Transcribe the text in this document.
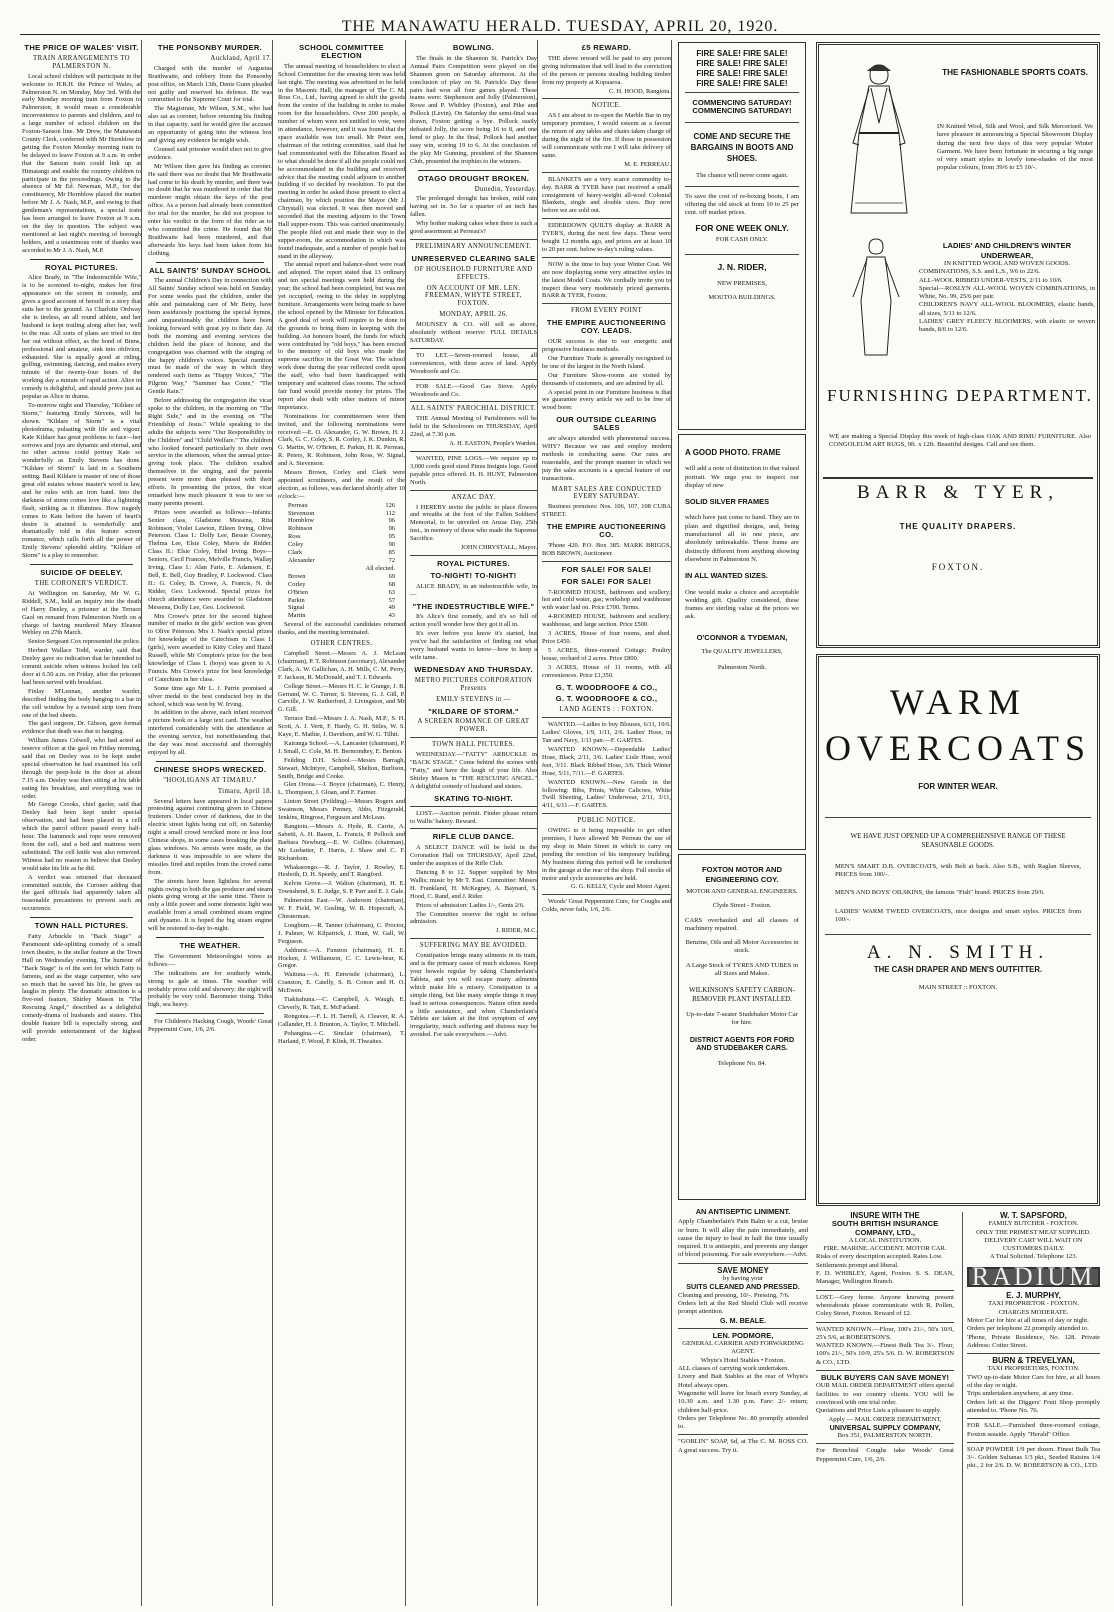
THE MANAWATU HERALD. TUESDAY, APRIL 20, 1920.
THE PRICE OF WALES' VISIT.
TRAIN ARRANGEMENTS TO PALMERSTON N.
Local school children will participate in the welcome to H.R.H. the Prince of Wales, at Palmerston N. on Monday, May 3rd. With the early Monday morning train from Foxton to Palmerston, it would mean a considerable inconvenience to parents and children, and to a large number of school children on the Foxton-Sanson line. Mr Drew, the Manawatu County Clerk, conferred with Mr Hornblow in getting the Foxton Monday morning train to be delayed to leave Foxton at 9 a.m. in order that the Sanson train could link up at Himatangi and enable the country children to participate in the proceedings. Owing to the absence of Mr Ed. Newman, M.P., for the constituency, Mr Hornblow placed the matter before Mr J. A. Nash, M.P., and owing to that gentleman's representations, a special train has been arranged to leave Foxton at 9 a.m. on the day in question. The subject was mentioned at last night's meeting of borough holders, and a unanimous vote of thanks was accorded to Mr J. A. Nash, M.P.
ROYAL PICTURES.
Alice Brady, in "The Indestructible Wife," is to be screened to-night, makes her first appearance on the screen in comedy, and gives a good account of herself in a story that suits her to the ground. As Charlotte Ordway she is tireless, an all round athlete, and her husband is kept trailing along after her, well to the rear. All sorts of plans are tried to tire her out without effect, as the bond of Binns, professional and amateur, sink into oblivion, exhausted. She is equally good at riding, golfing, swimming, dancing, and makes every minute of the twenty-four hours of the working day a minute of rapid action. Alice in comedy is delightful, and should prove just as popular as Alice in drama.
To-morrow night and Thursday, "Kildare of Storm," featuring Emily Stevens, will be shown. "Kildare of Storm" is a vital photodrama, pulsating with life and vigour. Kate Kildare has great problems to face—her sorrows and joys are dynamic and eternal, and no other actress could portray Kate so wonderfully as Emily Stevens has done. "Kildare of Storm" is laid in a Southern setting. Basil Kildare is master of one of those great old estates whose master's word is law, and he rules with an iron hand. Into the darkness of storm comes love like a lightning flash, striking as it illumines. How tragedy comes to Kate before the haven of heart's desire is attained is wonderfully and dramatically told in this feature screen romance, which calls forth all the power of Emily Stevens' splendid ability. "Kildare of Storm" is a play to remember.
SUICIDE OF DEELEY.
THE CORONER'S VERDICT.
At Wellington on Saturday, Mr W. G. Riddell, S.M., held an inquiry into the death of Harry Deeley, a prisoner at the Terrace Gaol on remand from Palmerston North on a charge of having murdered Mary Eleanor Webley on 27th March.
Senior-Sergeant Cox represented the police.
Herbert Wallace Todd, warder, said that Deeley gave no indication that he intended to commit suicide when witness locked his cell door at 6.50 a.m. on Friday, after the prisoner had been served with breakfast.
Finlay M'Lennan, another warder, described finding the body hanging to a bar in the cell window by a twisted strip torn from one of the bed sheets.
The gaol surgeon, Dr. Gibson, gave formal evidence that death was due to hanging.
William James Colwell, who had acted as reserve officer at the gaol on Friday morning, said that on Deeley was to be kept under special observation he had examined his cell through the peep-hole in the door at about 7.15 a.m. Deeley was then sitting at his table eating his breakfast, and everything was in order.
Mr George Crooks, chief gaoler, said that Deeley had been kept under special observation, and had been placed in a cell which the patrol officer passed every half-hour. The hammock and rope were removed from the cell, and a bed and mattress were substituted. The cell knife was also removed. Witness had no reason to believe that Deeley would take his life as he did.
A verdict was returned that deceased committed suicide, the Coroner adding that the gaol officials had apparently taken all reasonable precautions to prevent such an occurrence.
TOWN HALL PICTURES.
Fatty Arbuckle in "Back Stage" a Paramount side-splitting comedy of a small town theatre, is the stellar feature at the Town Hall on Wednesday evening. The humour of "Back Stage" is of the sort for which Fatty is famous, and as the stage carpenter, who saw so much that he saved his life, he gives us laughs in plenty. The dramatic attraction is a five-reel feature, Shirley Mason in "The Rescuing Angel," described as a delightful comedy-drama of husbands and sisters. This double feature bill is especially strong, and will provide entertainment of the highest order.
THE PONSONBY MURDER.
Auckland, April 17.
Charged with the murder of Augustus Braithwaite, and robbery from the Ponsonby post office, on March 13th, Denis Gunn pleaded not guilty and reserved his defence. He was committed to the Supreme Court for trial.
The Magistrate, Mr Wilson, S.M., who had also sat as coroner, before returning his finding in that capacity, said he would give the accused an opportunity of going into the witness box and giving any evidence he might wish.
Counsel said prisoner would elect not to give evidence.
Mr Wilson then gave his finding as coroner. He said there was no doubt that Mr Braithwaite had come to his death by murder, and there was no doubt that he was murdered in order that the murderer might obtain the keys of the post office. As a person had already been committed for trial for the murder, he did not propose to enter his verdict in the form of the rider as to who committed the crime. He found that Mr Braithwaite had been murdered, and that afterwards his keys had been taken from his clothing.
ALL SAINTS' SUNDAY SCHOOL
The annual Children's Day in connection with All Saints' Sunday school was held on Sunday. For some weeks past the children, under the able and painstaking care of Mr Betty, have been assiduously practising the special hymns, and unquestionably the children have been looking forward with great joy to their day. At both the morning and evening services the children held the place of honour, and the congregation was charmed with the singing of the happy children's voices. Special mention must be made of the way in which they rendered such items as "Happy Voices," "The Pilgrim Way," "Summer has Come," "The Gentle Rain."
Before addressing the congregation the vicar spoke to the children, in the morning on "The Right Side," and in the evening on "The Friendship of Jesus." While speaking to the adults the subjects were "Our Responsibility to the Children" and "Child Welfare." The children who looked forward particularly to their own service in the afternoon, when the annual prize-giving took place. The children exalted themselves in the singing, and the parents present were more than pleased with their efforts. In presenting the prizes, the vicar remarked how much pleasure it was to see so many parents present.
Prizes were awarded as follows:—Infants: Senior class, Gladstone Messena, Rita Robinson, Violet Lawton, Eileen Irving, Olive Peterson. Class I.: Dolly Lee, Bessie Cooney, Thelma Lee, Elsie Coley, Mavis de Ridder. Class II.: Elsie Coley, Ethel Irving. Boys—Seniors, Cecil Frances, Melville Francis, Wallay Irving. Class I.: Alan Farie, E. Adamson, E. Bell, E. Bell, Guy Bradley, P. Lockwood. Class II.: G. Coley, B. Crowe, A. Francis, N. de Ridder, Geo. Lockwood. Special prizes for church attendance were awarded to Gladstone Messena, Dolly Lee, Geo. Lockwood.
Mrs Crowe's prize for the second highest number of marks in the girls' section was given to Olive Peterson. Mrs J. Nash's special prizes for knowledge of the Catechism in Class I. (girls), were awarded to Kitty Coley and Hazel Russell, while Mr Compton's prize for the best knowledge of Class I. (boys) was given to A. Francis. Mrs Crowe's prize for best knowledge of Catechism in her class.
Some time ago Mr L. J. Parrie promised a silver medal to the best conducted boy in the school, which was won by W. Irving.
In addition to the above, each infant received a picture book or a large text card. The weather interfered considerably with the attendance at the evening service, but notwithstanding that, the day was most successful and thoroughly enjoyed by all.
CHINESE SHOPS WRECKED.
"HOOLIGANS AT TIMARU."
Timaru, April 18.
Several letters have appeared in local papers protesting against continuing given to Chinese fruiterers. Under cover of darkness, due to the electric street lights being cut off, on Saturday night a small crowd wrecked more or less four Chinese shops, in some cases breaking the plate glass windows. No arrests were made, as the darkness it was impossible to see where the missiles fired and reptiles from the crowd came from.
The streets have been lightless for several nights owing to both the gas producer and steam plants going wrong at the same time. There is only a little power and some domestic light was available from a small combined steam engine and dynamo. It is hoped the big steam engine will be restored to-day to-night.
THE WEATHER.
The Government Meteorologist wires as follows:—
The indications are for southerly winds, strong to gale at times. The weather will probably prove cold and showery: the night will probably be very cold. Barometer rising. Tides high, sea heavy.
For Children's Hacking Cough, Woods' Great Peppermint Cure, 1/6, 2/6.
SCHOOL COMMITTEE ELECTION
The annual meeting of householders to elect a School Committee for the ensuing term was held last night. The meeting was advertised to be held in the Masonic Hall, the manager of The C. M. Ross Co., Ltd., having agreed to shift the goods from the centre of the building in order to make room for the householders. Over 200 people, a number of whom were not entitled to vote, were in attendance, however, and it was found that the space available was too small. Mr Peter son, chairman of the retiring committee, said that he had communicated with the Education Board as to what should be done if all the people could not be accommodated in the building and received advice that the meeting could adjourn to another building if so decided by resolution. To put the meeting in order he asked those present to elect a chairman, by which position the Mayor (Mr J. Chrystall) was elected. It was then moved and seconded that the meeting adjourn to the Town Hall supper-room. This was carried unanimously. The people filed out and made their way to the supper-room, the accommodation in which was found inadequate, and a number of people had to stand in the alleyway.
The annual report and balance-sheet were read and adopted. The report stated that 13 ordinary and ten special meetings were held during the year; the school had been completed, but was not yet occupied, owing to the delay in supplying furniture. Arrangements were being made to have the school opened by the Minister for Education. A good deal of work will require to be done to the grounds to bring them in keeping with the building. An honours board, the funds for which were contributed by "old boys," has been erected to the memory of old boys who made the supreme sacrifice in the Great War. The school work done during the year reflected credit upon the staff, who had been handicapped with temporary and scattered class rooms. The school fair fund would provide money for prizes. The report also dealt with other matters of minor importance.
Nominations for committeemen were then invited, and the following nominations were received:—E. O. Alexander, G. W. Brown, H. J. Clark, G. C. Coley, S. R. Corley, J. K. Dunkin, R. G. Martin, W. O'Brien, E. Parkin, H. R. Perreau, R. Peters, R. Robinson, John Ross, W. Signal, and A. Stevenson.
Messrs Brown, Corley and Clark were appointed scrutineers, and the result of the election, as follows, was declared shortly after 10 o'clock:—
Perreau	126
Stevenson	112
Hornblow	96
Robinson	96
Ross	95
Coley	90
Clark	85
Alexander	72
All elected.
Brown	69
Corley	68
O'Brien	63
Parkin	57
Signal	49
Martin	43
Several of the successful candidates returned thanks, and the meeting terminated.
OTHER CENTRES.
Campbell Street.—Messrs A. J. McLean (chairman), P. T. Robinson (secretary), Alexander Clark, A. W. Gallichan, A. H. Mills, C. M. Perry, F. Jackson, R. McDonald, and T. J. Edwards.
College Street.—Messrs H. C. le Grange, J. B. Gerrand, W. C. Turner, S. Stevens, G. J. Gill, P. Carville, J. W. Rutherford, J. Livingston, and Mr G. Gill.
Terrace End.—Messrs J. A. Nash, M.P., S. H. Scott, A. J. Vertt, F. Hardy, G. H. Stiles, W. S. Kaye, E. Mathie, J. Davidson, and W. G. Tilhtt.
Kairanga School.—A. Lancaster (chairman), P. J. Small, C. Cole, M. H. Bermondtey, E. Benton.
Feilding D.H. School.—Messrs Barragh, Stewart, McIntyre, Campbell, Shelton, Burlison, Smith, Bridge and Cooke.
Glen Oroua.—J. Boyce (chairman), C. Henry, L. Thompson, J. Gloan, and F. Farmer.
Linton Street (Feilding).—Messrs Rogers and Swainson, Messrs Penney, Abbs, Fitzgerald, Jenkins, Ringrose, Ferguson and McLean.
Rangiotu.—Messrs A. Hyde, R. Carrie, A. Sabetti, A. H. Bason, L. Francis, P. Pollock and Barbara Newburg.—E. W. Collins (chairman), Mr Lusbatter, F. Harris, J. Shaw and C. F. Richardson.
Whakarongo.—R. J. Taylor, J. Rowley, E. Hesboth, D. H. Speedy, and T. Rangford.
Kelvin Grove.—J. Walton (chairman), H. E. Townshend, S. E. Judge, S. P. Parr and E. J. Gale.
Palmerston East.—W. Anderson (chairman), W. F. Field, W. Gosling, W. R. Hopecraft, A. Chesterman.
Longburn.—R. Tanner (chairman), C. Proctor, J. Palmer, W. Kilpatrick, J. Hunt, W. Gall, W. Ferguson.
Ashhurst.—A. Funston (chairman), H. E. Hocken, J. Williamson, C. C. Lewis-bear, K. Gregor.
Waituna.—A. H. Entwistle (chairman), L. Cranston, E. Catelly, S. B. Conon and H. O. McEwen.
Tiakitahuna.—C. Campbell, A. Waugh, E. Cleverly, R. Tait, E. McFarland.
Rongotea.—F. L. H. Tarrell, A. Cleaver, R. A. Callander, H. J. Brunton, A. Taylor, T. Mitchell.
Pohangina.—C. Sinclair (chairman), T. Harland, F. Wood, P. Klink, H. Thwaites.
BOWLING.
The finals in the Shannon St. Patrick's Day Annual Pairs Competition were played on the Shannon green on Saturday afternoon. At the conclusion of play on St. Patrick's Day three pairs had won all four games played. These teams were: Stephenson and Jolly (Palmerston), Rowe and P. Whibley (Foxton), and Pike and Pollock (Levin). On Saturday the semi-final was drawn, Foxton getting a bye. Pollock easily defeated Jolly, the score being 16 to 8, and one bend to play. In the final, Pollock had another easy win, scoring 19 to 6. At the conclusion of the play Mr Gunning, president of the Shannon Club, presented the trophies to the winners.
OTAGO DROUGHT BROKEN.
Dunedin, Yesterday.
The prolonged drought has broken, mild rain having set in. So far a quarter of an inch has fallen.
Why bother making cakes when there is such a good assortment at Perreau's?
PRELIMINARY ANNOUNCEMENT.
UNRESERVED CLEARING SALE
OF HOUSEHOLD FURNITURE AND EFFECTS.
ON ACCOUNT OF MR. LEN. FREEMAN, WHYTE STREET, FOXTON.
MONDAY, APRIL 26.
MOUNSEY & CO. will sell as above, absolutely without reserve: FULL DETAILS SATURDAY.
TO LET.—Seven-roomed house, all conveniences, with three acres of land. Apply Woodroofe and Co.
FOR SALE.—Good Gas Stove. Apply Woodroofe and Co.
ALL SAINTS' PAROCHIAL DISTRICT.
THE Annual Meeting of Parishioners will be held in the Schoolroom on THURSDAY, April 22nd, at 7.30 p.m.
A. H. EASTON, People's Warden.
WANTED, PINE LOGS.—We require up to 3,000 cords good sized Pinus Insignis logs. Good payable price offered. H. H. HUNT, Palmerston North.
ANZAC DAY.
I HEREBY invite the public to place flowers and wreaths at the foot of the Fallen Soldiers' Memorial, to be unveiled on Anzac Day, 25th inst., in memory of those who made the Supreme Sacrifice.
JOHN CHRYSTALL, Mayor.
ROYAL PICTURES.
TO-NIGHT! TO-NIGHT!
ALICE BRADY, in an indestructible wife, in—
"THE INDESTRUCTIBLE WIFE."
It's Alice's first comedy, and it's so full of action you'll wonder how they got it all in.
It's over before you know it's started, but you've had the satisfaction of finding out what every husband wants to know—how to keep a wife tame.
WEDNESDAY AND THURSDAY.
METRO PICTURES CORPORATION Presents
EMILY STEVENS in —
"KILDARE OF STORM."
A SCREEN ROMANCE OF GREAT POWER.
TOWN HALL PICTURES.
WEDNESDAY.—"FATTY" ARBUCKLE in "BACK STAGE." Come behind the scenes with "Fatty," and have the laugh of your life. Also Shirley Mason in "THE RESCUING ANGEL." A delightful comedy of husband and sisters.
SKATING TO-NIGHT.
LOST.—Auction permit. Finder please return to Wallis' bakery. Reward.
RIFLE CLUB DANCE.
A SELECT DANCE will be held in the Coronation Hall on THURSDAY, April 22nd, under the auspices of the Rifle Club.
Dancing 8 to 12. Supper supplied by Mrs Wallis; music by Mr T. East. Committee: Messrs H. Frankland, H. McKegney, A. Baynard, S. Hood, C. Rand, and J. Rider.
Prices of admission: Ladies 1/-, Gents 2/6.
The Committee reserve the right to refuse admission.
J. RIDER, M.C.
SUFFERING MAY BE AVOIDED.
Constipation brings many ailments in its train, and is the primary cause of much sickness. Keep your bowels regular by taking Chamberlain's Tablets, and you will escape many ailments which make life a misery. Constipation is a simple thing, but like many simple things it may lead to serious consequences. Nature often needs a little assistance, and when Chamberlain's Tablets are taken at the first symptom of any irregularity, much suffering and distress may be avoided. For sale everywhere.—Advt.
£5 REWARD.
THE above reward will be paid to any person giving information that will lead to the conviction of the person or persons stealing building timber from my property at Kopuaroa.
C. H. HOOD, Rangiotu.
NOTICE.
AS I am about to re-open the Marble Bar in my temporary premises, I would esteem as a favour the return of any tables and chairs taken charge of during the night of the fire. If those in possession will communicate with me I will take delivery of same.
M. E. PERREAU.
BLANKETS are a very scarce commodity to-day. BARR & TYER have just received a small consignment of heavy-weight all-wool Colonial Blankets, single and double sizes. Buy now before we are sold out.
EIDERDOWN QUILTS display at BARR & TYER'S, during the next few days. These were bought 12 months ago, and prices are at least 10 to 20 per cent. below to-day's ruling values.
NOW is the time to buy your Winter Coat. We are now displaying some very attractive styles in the latest Model Coats. We cordially invite you to inspect these very moderately priced garments. BARR & TYER, Foxton.
FROM EVERY POINT
THE EMPIRE AUCTIONEERING COY. LEADS.
OUR success is due to our energetic and progressive business methods.
Our Furniture Trade is generally recognised to be one of the largest in the North Island.
Our Furniture Show-rooms are visited by thousands of customers, and are admired by all.
A special point in our Furniture business is that we guarantee every article we sell to be free of wood borer.
OUR OUTSIDE CLEARING SALES
are always attended with phenomenal success. WHY? Because we use and employ modern methods in conducting same. Our rates are reasonable, and the prompt manner in which we pay the sales accounts is a special feature of our transactions.
MART SALES ARE CONDUCTED EVERY SATURDAY.
Business premises: Nos. 106, 107, 108 CUBA STREET.
THE EMPIRE AUCTIONEERING CO.
'Phone 420. P.O. Box 385. MARK BRIGGS, BOB BROWN, Auctioneer.
FOR SALE! FOR SALE!
FOR SALE! FOR SALE!
7-ROOMED HOUSE, bathroom and scullery; hot and cold water, gas; workshop and washhouse with water laid on. Price £700. Terms.
4-ROOMED HOUSE, bathroom and scullery; washhouse, and large section. Price £500.
3 ACRES, House of four rooms, and shed. Price £450.
5 ACRES, three-roomed Cottage; Poultry house, orchard of 2 acres. Price £800.
3 ACRES, House of 11 rooms, with all conveniences. Price £1,350.
G. T. WOODROOFE & CO.,
G. T. WOODROOFE & CO.,
LAND AGENTS : : FOXTON.
WANTED.—Ladies to buy Blouses, 6/11, 10/6. Ladies' Gloves, 1/9, 1/11, 2/6. Ladies' Hose, in Tan and Navy, 1/11 pair.—F. GARTES.
WANTED KNOWN.—Dependable Ladies' Hose, Black, 2/11, 3/6. Ladies' Lisle Hose, wool feet, 3/11. Black Ribbed Hose, 3/6. Thick Winter Hose, 5/11, 7/11.—F. GARTES.
WANTED KNOWN.—New Goods in the following: Bibs, Prints, White Calicoes, White Twill Sheeting, Ladies' Underwear, 2/11, 3/11, 4/11, 6/11.—F. GARTES.
PUBLIC NOTICE.
OWING to it being impossible to get other premises, I have allowed Mr Perreau the use of my shop in Main Street in which to carry on pending the erection of his temporary building. My business during this period will be conducted in the garage at the rear of the shop. Full stocks of motor and cycle accessories are held.
G. G. KELLY, Cycle and Motor Agent.
Woods' Great Peppermint Cure, for Coughs and Colds, never fails, 1/6, 2/6.
FIRE SALE! FIRE SALE!
FIRE SALE! FIRE SALE!
FIRE SALE! FIRE SALE!
FIRE SALE! FIRE SALE!
COMMENCING SATURDAY!
COMMENCING SATURDAY!
COME AND SECURE THE BARGAINS IN BOOTS AND SHOES.
The chance will never come again.
To save the cost of re-boxing boots, I am offering the old stock at from 10 to 25 per cent. off market prices.
FOR ONE WEEK ONLY.
FOR CASH ONLY.
J. N. RIDER,
NEW PREMISES,
MOUTOA BUILDINGS.
A GOOD PHOTO. FRAME
will add a note of distinction to that valued portrait. We urge you to inspect our display of new
SOLID SILVER FRAMES
which have just come to hand. They are in plain and dignified designs, and, being manufactured all in one piece, are absolutely unbreakable. These frame are distinctly different from anything showing elsewhere in Palmerston N.
IN ALL WANTED SIZES.
One would make a choice and acceptable wedding gift. Quality considered, these frames are sterling value at the prices we ask.
O'CONNOR & TYDEMAN,
The QUALITY JEWELLERS,
Palmerston North.
FOXTON MOTOR AND ENGINEERING COY.
MOTOR AND GENERAL ENGINEERS.
Clyde Street - Foxton.
CARS overhauled and all classes of machinery repaired.
Benzine, Oils and all Motor Accessories in stock.
A Large Stock of TYRES AND TUBES in all Sizes and Makes.
WILKINSON'S SAFETY CARBON-REMOVER PLANT INSTALLED.
Up-to-date 7-seater Studebaker Motor Car for hire.
DISTRICT AGENTS FOR FORD AND STUDEBAKER CARS.
Telephone No. 84.
AN ANTISEPTIC LINIMENT.
Apply Chamberlain's Pain Balm to a cut, bruise or burn. It will allay the pain immediately, and cause the injury to heal in half the time usually required. It is antiseptic, and prevents any danger of blood poisoning. For sale everywhere.—Advt.
SAVE MONEY
by having your
SUITS CLEANED AND PRESSED.
Cleaning and pressing, 10/-. Pressing, 7/6.
Orders left at the Red Shield Club will receive prompt attention.
G. M. BEALE.
LEN. PODMORE,
GENERAL CARRIER AND FORWARDING AGENT.
Whyte's Hotel Stables • Foxton.
ALL classes of carrying work undertaken.
Livery and Bait Stables at the rear of Whyte's Hotel always open.
Wagonette will leave for beach every Sunday, at 10.30 a.m. and 1.30 p.m. Fare: 2/- return; children half-price.
Orders per Telephone No. 80 promptly attended to.
"GOBLIN" SOAP, 6d, at The C. M. ROSS CO. A great success. Try it.
THE FASHIONABLE SPORTS COATS.
IN Knitted Wool, Silk and Wool, and Silk Mercerised. We have pleasure in announcing a Special Showroom Display during the next few days of this very popular Winter Garment. We have been fortunate in securing a big range of very smart styles in lovely tone-shades of the most popular colours, from 39/6 to £5 10/-.
LADIES' AND CHILDREN'S WINTER UNDERWEAR,
IN KNITTED WOOL AND WOVEN GOODS.
COMBINATIONS, S.S. and L.S., 9/6 to 22/6.
ALL-WOOL RIBBED UNDER-VESTS, 2/11 to 10/6.
Special—ROSLYN ALL-WOOL WOVEN COMBINATIONS, in White, No. 99, 25/6 per pair.
CHILDREN'S NAVY ALL-WOOL BLOOMERS, elastic bands, all sizes, 5/11 to 12/6.
LADIES' GREY FLEECY BLOOMERS, with elastic or woven bands, 8/6 to 12/6.
FURNISHING DEPARTMENT.
WE are making a Special Display this week of high-class OAK AND RIMU FURNITURE. Also CONGOLEUM ART RUGS, 9ft. x 12ft. Beautiful designs. Call and see them.
BARR & TYER,
THE QUALITY DRAPERS.
FOXTON.
WARM
OVERCOATS
FOR WINTER WEAR.
WE HAVE JUST OPENED UP A COMPREHENSIVE RANGE OF THESE SEASONABLE GOODS.
MEN'S SMART D.B. OVERCOATS, with Belt at back. Also S.B., with Raglan Sleeves, PRICES from 100/-.
MEN'S AND BOYS' OILSKINS, the famous "Fish" brand. PRICES from 29/6.
LADIES' WARM TWEED OVERCOATS, nice designs and smart styles. PRICES from 100/-.
A. N. SMITH.
THE CASH DRAPER AND MEN'S OUTFITTER.
MAIN STREET :: FOXTON.
INSURE WITH THE
SOUTH BRITISH INSURANCE COMPANY, LTD.,
A LOCAL INSTITUTION.
FIRE. MARINE. ACCIDENT. MOTOR CAR.
Risks of every description accepted. Rates Low.
Settlements prompt and liberal.
F. D. WHIBLEY, Agent, Foxton. S. S. DEAN, Manager, Wellington Branch.
LOST.—Grey horse. Anyone knowing present whereabouts please communicate with R. Pollen, Coley Street, Foxton. Reward of £2.
WANTED KNOWN.—Flour, 100's 21/-, 50's 10/9, 25's 5/6, at ROBERTSON'S.
WANTED KNOWN.—Finest Bulk Tea 3/-. Flour, 100's 21/-, 50's 10/9, 25's 5/6. D. W. ROBERTSON & CO., LTD.
BULK BUYERS CAN SAVE MONEY!
OUR MAIL ORDER DEPARTMENT offers special facilities to our country clients. YOU will be convinced with one trial order.
Quotations and Price Lists a pleasure to supply.
Apply — MAIL ORDER DEPARTMENT,
UNIVERSAL SUPPLY COMPANY,
Box 351, PALMERSTON NORTH.
For Bronchial Coughs take Woods' Great Peppermint Cure, 1/6, 2/6.
W. T. SAPSFORD,
FAMILY BUTCHER - FOXTON.
ONLY THE PRIMEST MEAT SUPPLIED.
DELIVERY CART WILL WAIT ON CUSTOMERS DAILY.
A Trial Solicited. Telephone 123.
RADIUM
E. J. MURPHY,
TAXI PROPRIETOR - FOXTON.
CHARGES MODERATE.
Motor Car for hire at all times of day or night.
Orders per telephone 22 promptly attended to.
'Phone, Private Residence, No. 128. Private Address: Cotter Street.
BURN & TREVELYAN,
TAXI PROPRIETORS, FOXTON.
TWO up-to-date Motor Cars for hire, at all hours of the day or night.
Trips undertaken anywhere, at any time.
Orders left at the Diggers' Fruit Shop promptly attended to. 'Phone No. 76.
FOR SALE.—Furnished three-roomed cottage, Foxton seaside. Apply "Herald" Office.
SOAP POWDER 1/9 per dozen. Finest Bulk Tea 3/-. Golden Sultanas 1/3 pkt., Seeded Raisins 1/4 pkt., 2 for 2/6. D. W. ROBERTSON & CO., LTD.
